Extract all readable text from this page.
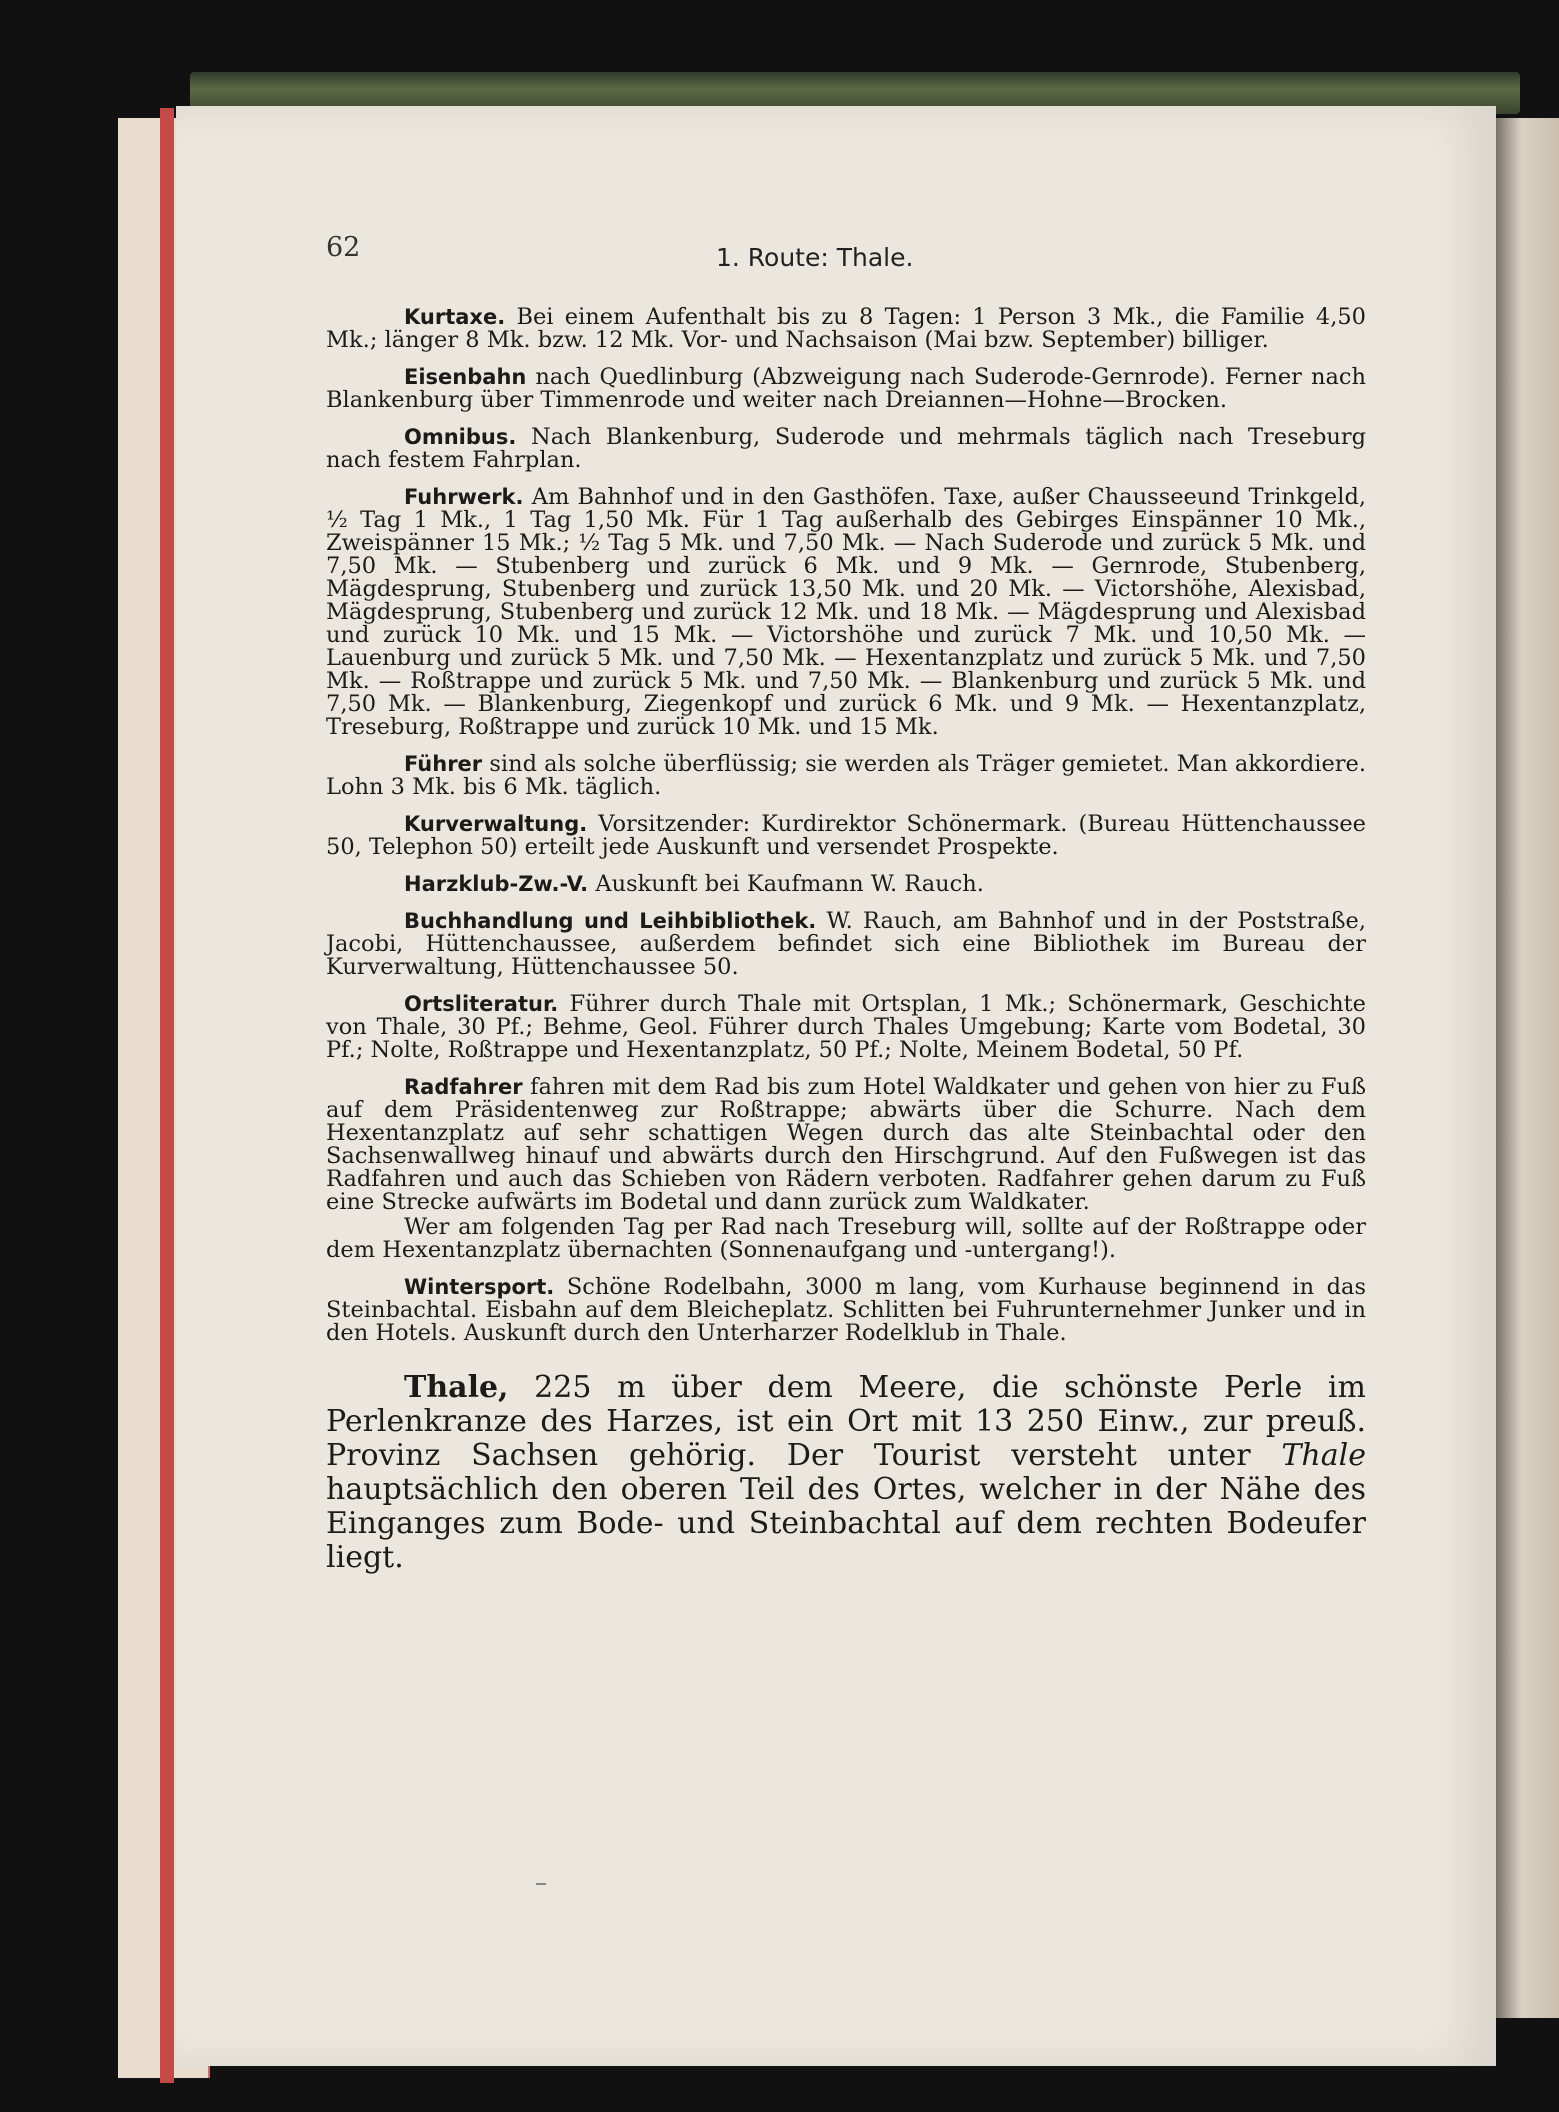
62	1. Route: Thale.

Kurtaxe. Bei einem Aufenthalt bis zu 8 Tagen: 1 Person 3 Mk., die Familie 4,50 Mk.; länger 8 Mk. bzw. 12 Mk. Vor- und Nachsaison (Mai bzw. September) billiger.

Eisenbahn nach Quedlinburg (Abzweigung nach Suderode-Gernrode). Ferner nach Blankenburg über Timmenrode und weiter nach Dreiannen—Hohne—Brocken.

Omnibus. Nach Blankenburg, Suderode und mehrmals täglich nach Treseburg nach festem Fahrplan.

Fuhrwerk. Am Bahnhof und in den Gasthöfen. Taxe, außer Chausseeund Trinkgeld, ½ Tag 1 Mk., 1 Tag 1,50 Mk. Für 1 Tag außerhalb des Gebirges Einspänner 10 Mk., Zweispänner 15 Mk.; ½ Tag 5 Mk. und 7,50 Mk. — Nach Suderode und zurück 5 Mk. und 7,50 Mk. — Stubenberg und zurück 6 Mk. und 9 Mk. — Gernrode, Stubenberg, Mägdesprung, Stubenberg und zurück 13,50 Mk. und 20 Mk. — Victorshöhe, Alexisbad, Mägdesprung, Stubenberg und zurück 12 Mk. und 18 Mk. — Mägdesprung und Alexisbad und zurück 10 Mk. und 15 Mk. — Victorshöhe und zurück 7 Mk. und 10,50 Mk. — Lauenburg und zurück 5 Mk. und 7,50 Mk. — Hexentanzplatz und zurück 5 Mk. und 7,50 Mk. — Roßtrappe und zurück 5 Mk. und 7,50 Mk. — Blankenburg und zurück 5 Mk. und 7,50 Mk. — Blankenburg, Ziegenkopf und zurück 6 Mk. und 9 Mk. — Hexentanzplatz, Treseburg, Roßtrappe und zurück 10 Mk. und 15 Mk.

Führer sind als solche überflüssig; sie werden als Träger gemietet. Man akkordiere. Lohn 3 Mk. bis 6 Mk. täglich.

Kurverwaltung. Vorsitzender: Kurdirektor Schönermark. (Bureau Hüttenchaussee 50, Telephon 50) erteilt jede Auskunft und versendet Prospekte.

Harzklub-Zw.-V. Auskunft bei Kaufmann W. Rauch.

Buchhandlung und Leihbibliothek. W. Rauch, am Bahnhof und in der Poststraße, Jacobi, Hüttenchaussee, außerdem befindet sich eine Bibliothek im Bureau der Kurverwaltung, Hüttenchaussee 50.

Ortsliteratur. Führer durch Thale mit Ortsplan, 1 Mk.; Schönermark, Geschichte von Thale, 30 Pf.; Behme, Geol. Führer durch Thales Umgebung; Karte vom Bodetal, 30 Pf.; Nolte, Roßtrappe und Hexentanzplatz, 50 Pf.; Nolte, Meinem Bodetal, 50 Pf.

Radfahrer fahren mit dem Rad bis zum Hotel Waldkater und gehen von hier zu Fuß auf dem Präsidentenweg zur Roßtrappe; abwärts über die Schurre. Nach dem Hexentanzplatz auf sehr schattigen Wegen durch das alte Steinbachtal oder den Sachsenwallweg hinauf und abwärts durch den Hirschgrund. Auf den Fußwegen ist das Radfahren und auch das Schieben von Rädern verboten. Radfahrer gehen darum zu Fuß eine Strecke aufwärts im Bodetal und dann zurück zum Waldkater.

Wer am folgenden Tag per Rad nach Treseburg will, sollte auf der Roßtrappe oder dem Hexentanzplatz übernachten (Sonnenaufgang und -untergang!).

Wintersport. Schöne Rodelbahn, 3000 m lang, vom Kurhause beginnend in das Steinbachtal. Eisbahn auf dem Bleicheplatz. Schlitten bei Fuhrunternehmer Junker und in den Hotels. Auskunft durch den Unterharzer Rodelklub in Thale.

Thale, 225 m über dem Meere, die schönste Perle im Perlenkranze des Harzes, ist ein Ort mit 13 250 Einw., zur preuß. Provinz Sachsen gehörig. Der Tourist versteht unter Thale hauptsächlich den oberen Teil des Ortes, welcher in der Nähe des Einganges zum Bode- und Steinbachtal auf dem rechten Bodeufer liegt.
